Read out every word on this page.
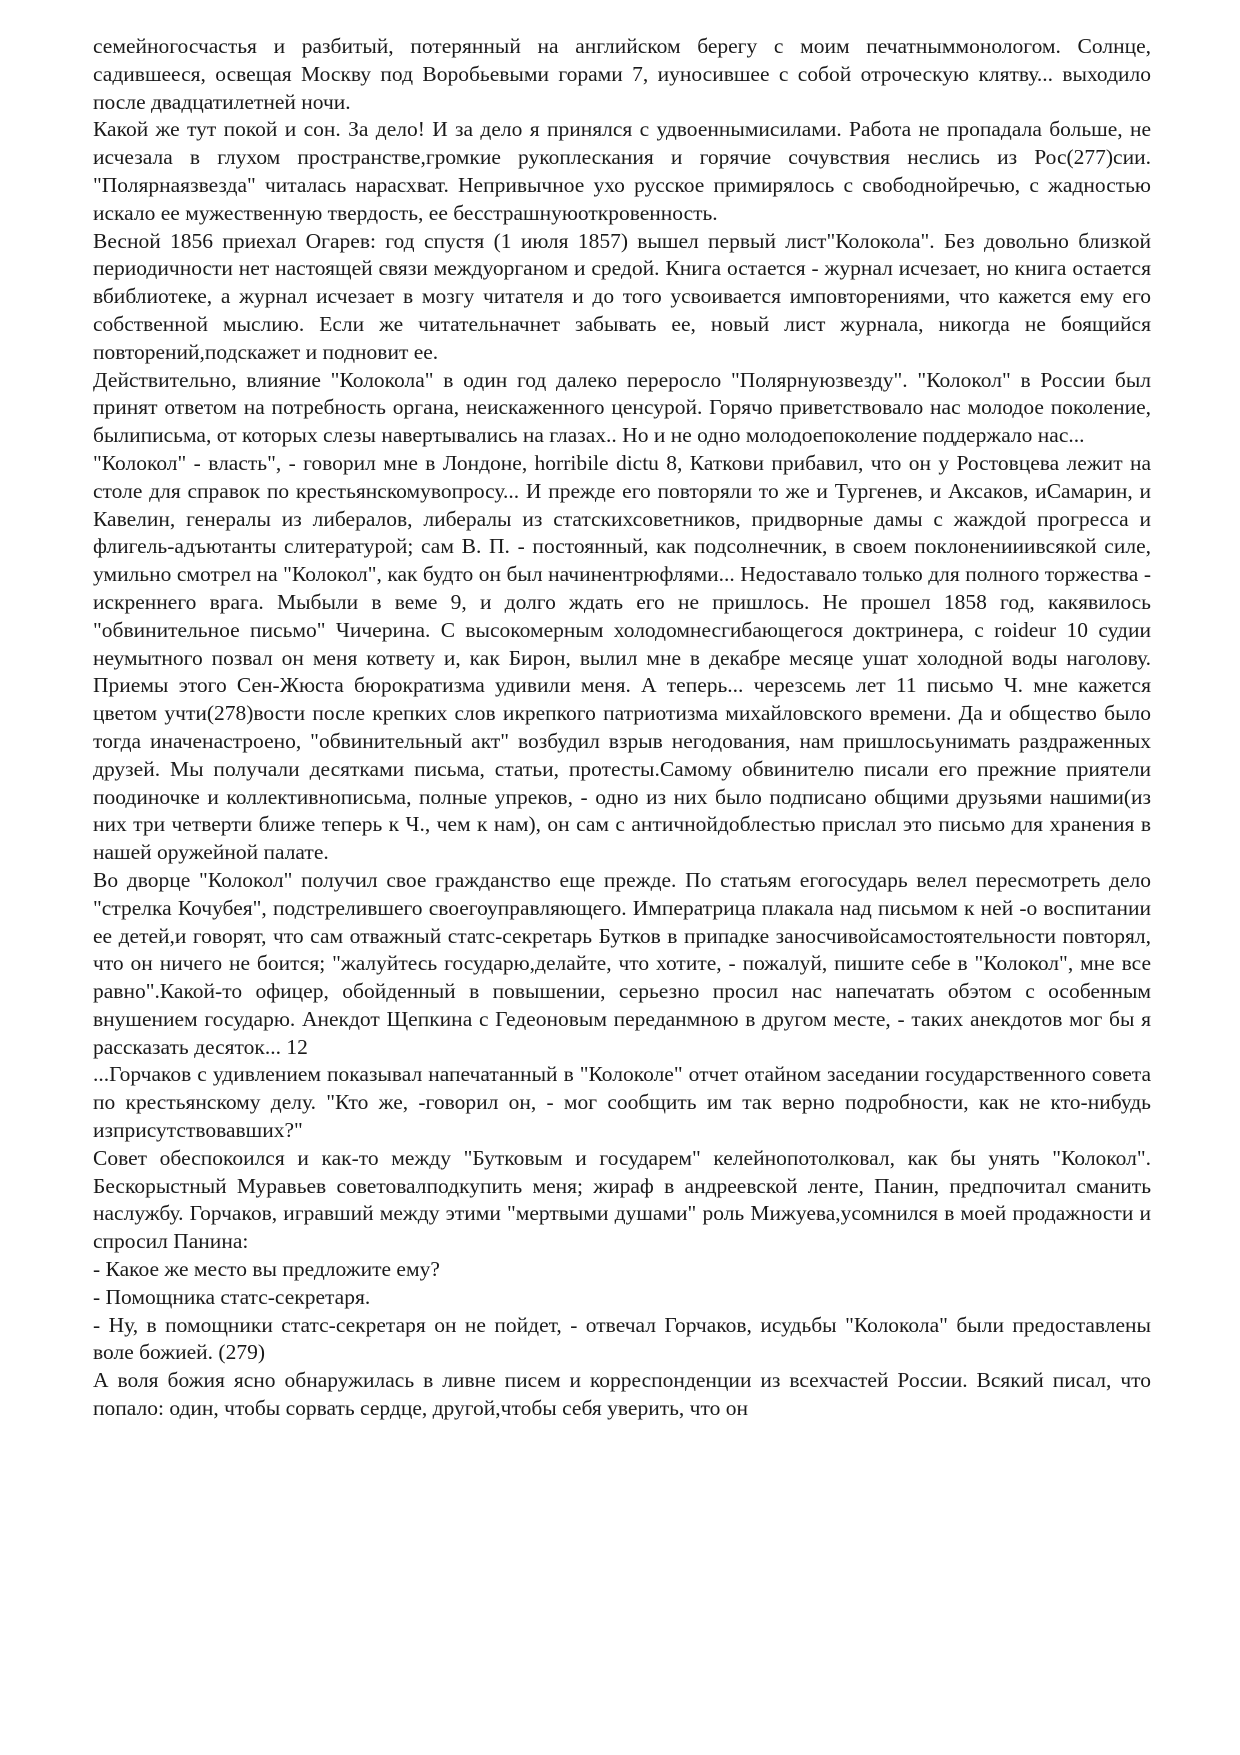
семейногосчастья и разбитый, потерянный на английском берегу с моим печатныммонологом. Солнце, садившееся, освещая Москву под Воробьевыми горами 7, иуносившее с собой отроческую клятву... выходило после двадцатилетней ночи.

Какой же тут покой и сон. За дело! И за дело я принялся с удвоеннымисилами. Работа не пропадала больше, не исчезала в глухом пространстве,громкие рукоплескания и горячие сочувствия неслись из Рос(277)сии. "Полярнаязвезда" читалась нарасхват. Непривычное ухо русское примирялось с свободнойречью, с жадностью искало ее мужественную твердость, ее бесстрашнуюоткровенность.

Весной 1856 приехал Огарев: год спустя (1 июля 1857) вышел первый лист"Колокола". Без довольно близкой периодичности нет настоящей связи междуорганом и средой. Книга остается - журнал исчезает, но книга остается вбиблиотеке, а журнал исчезает в мозгу читателя и до того усвоивается имповторениями, что кажется ему его собственной мыслию. Если же читательначнет забывать ее, новый лист журнала, никогда не боящийся повторений,подскажет и подновит ее.

Действительно, влияние "Колокола" в один год далеко переросло "Полярнуюзвезду". "Колокол" в России был принят ответом на потребность органа, неискаженного ценсурой. Горячо приветствовало нас молодое поколение, былиписьма, от которых слезы навертывались на глазах.. Но и не одно молодоепоколение поддержало нас...

"Колокол" - власть", - говорил мне в Лондоне, horribile dictu 8, Каткови прибавил, что он у Ростовцева лежит на столе для справок по крестьянскомувопросу... И прежде его повторяли то же и Тургенев, и Аксаков, иСамарин, и Кавелин, генералы из либералов, либералы из статскихсоветников, придворные дамы с жаждой прогресса и флигель-адъютанты слитературой; сам В. П. - постоянный, как подсолнечник, в своем поклоненииивсякой силе, умильно смотрел на "Колокол", как будто он был начинентрюфлями... Недоставало только для полного торжества - искреннего врага. Мыбыли в веме 9, и долго ждать его не пришлось. Не прошел 1858 год, какявилось "обвинительное письмо" Чичерина. С высокомерным холодомнесгибающегося доктринера, с roideur 10 судии неумытного позвал он меня кответу и, как Бирон, вылил мне в декабре месяце ушат холодной воды наголову. Приемы этого Сен-Жюста бюрократизма удивили меня. А теперь... черезсемь лет 11 письмо Ч. мне кажется цветом учти(278)вости после крепких слов икрепкого патриотизма михайловского времени. Да и общество было тогда иначенастроено, "обвинительный акт" возбудил взрыв негодования, нам пришлосьунимать раздраженных друзей. Мы получали десятками письма, статьи, протесты.Самому обвинителю писали его прежние приятели поодиночке и коллективнописьма, полные упреков, - одно из них было подписано общими друзьями нашими(из них три четверти ближе теперь к Ч., чем к нам), он сам с античнойдоблестью прислал это письмо для хранения в нашей оружейной палате.

Во дворце "Колокол" получил свое гражданство еще прежде. По статьям егогосударь велел пересмотреть дело "стрелка Кочубея", подстрелившего своегоуправляющего. Императрица плакала над письмом к ней -о воспитании ее детей,и говорят, что сам отважный статс-секретарь Бутков в припадке заносчивойсамостоятельности повторял, что он ничего не боится; "жалуйтесь государю,делайте, что хотите, - пожалуй, пишите себе в "Колокол", мне все равно".Какой-то офицер, обойденный в повышении, серьезно просил нас напечатать обэтом с особенным внушением государю. Анекдот Щепкина с Гедеоновым переданмною в другом месте, - таких анекдотов мог бы я рассказать десяток... 12

...Горчаков с удивлением показывал напечатанный в "Колоколе" отчет отайном заседании государственного совета по крестьянскому делу. "Кто же, -говорил он, - мог сообщить им так верно подробности, как не кто-нибудь изприсутствовавших?"

Совет обеспокоился и как-то между "Бутковым и государем" келейнопотолковал, как бы унять "Колокол". Бескорыстный Муравьев советовалподкупить меня; жираф в андреевской ленте, Панин, предпочитал сманить наслужбу. Горчаков, игравший между этими "мертвыми душами" роль Мижуева,усомнился в моей продажности и спросил Панина:

- Какое же место вы предложите ему?

- Помощника статс-секретаря.

- Ну, в помощники статс-секретаря он не пойдет, - отвечал Горчаков, исудьбы "Колокола" были предоставлены воле божией. (279)

А воля божия ясно обнаружилась в ливне писем и корреспонденции из всехчастей России. Всякий писал, что попало: один, чтобы сорвать сердце, другой,чтобы себя уверить, что он
